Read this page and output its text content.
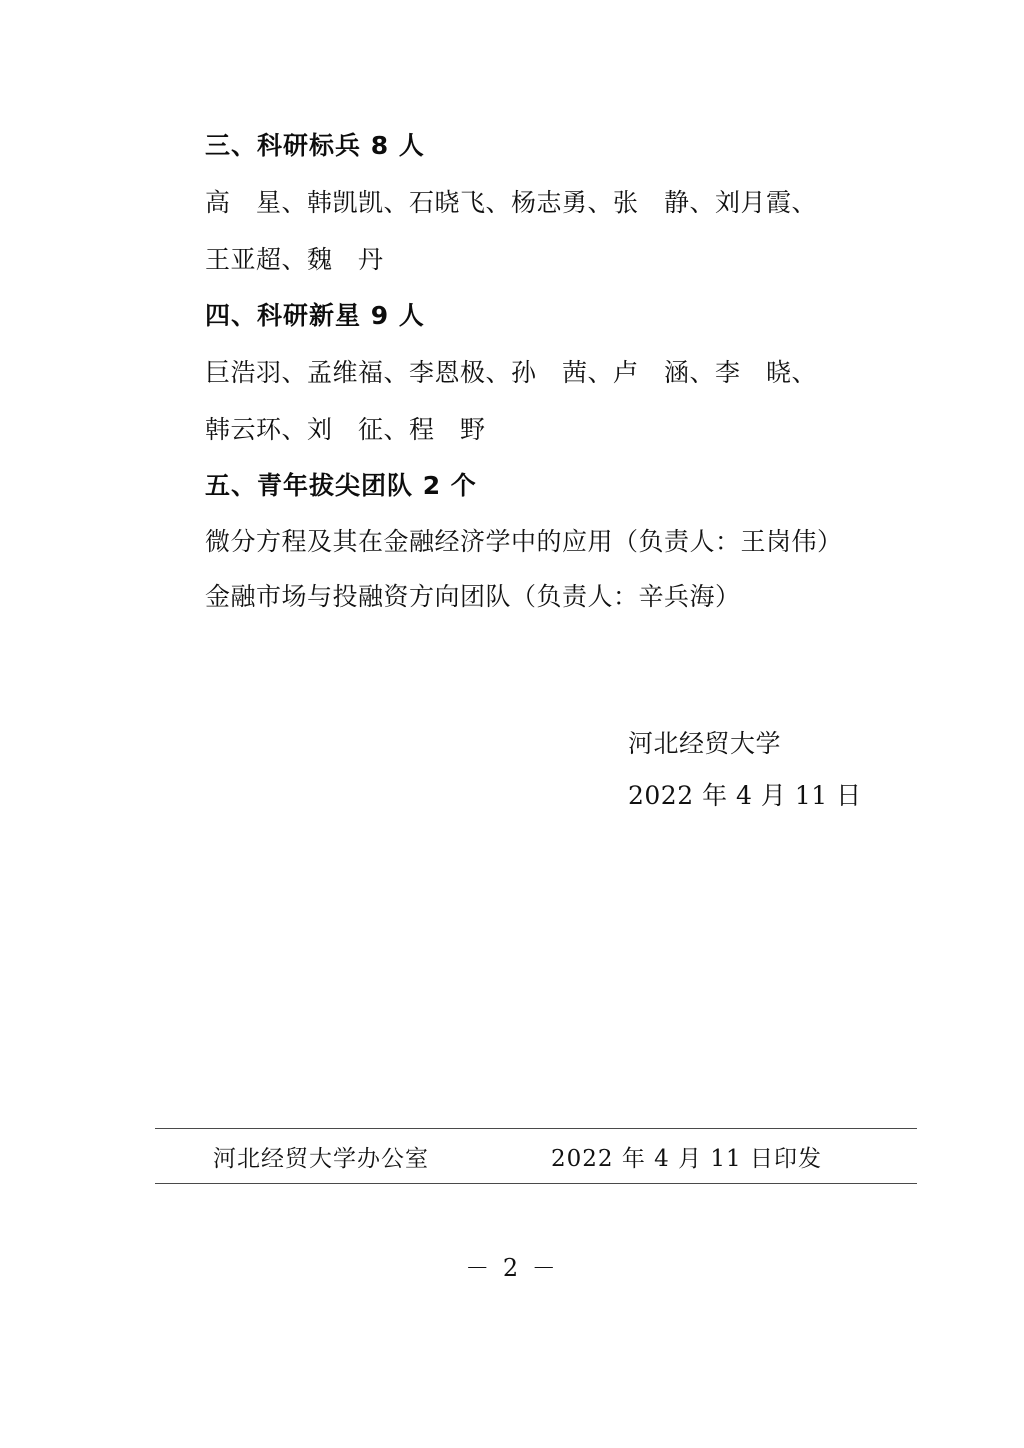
三、科研标兵 8 人
高　星、韩凯凯、石晓飞、杨志勇、张　静、刘月霞、
王亚超、魏　丹
四、科研新星 9 人
巨浩羽、孟维福、李恩极、孙　茜、卢　涵、李　晓、
韩云环、刘　征、程　野
五、青年拔尖团队 2 个
微分方程及其在金融经济学中的应用（负责人：王岗伟）
金融市场与投融资方向团队（负责人：辛兵海）
河北经贸大学
2022 年 4 月 11 日
河北经贸大学办公室	2022 年 4 月 11 日印发
－ 2 －
